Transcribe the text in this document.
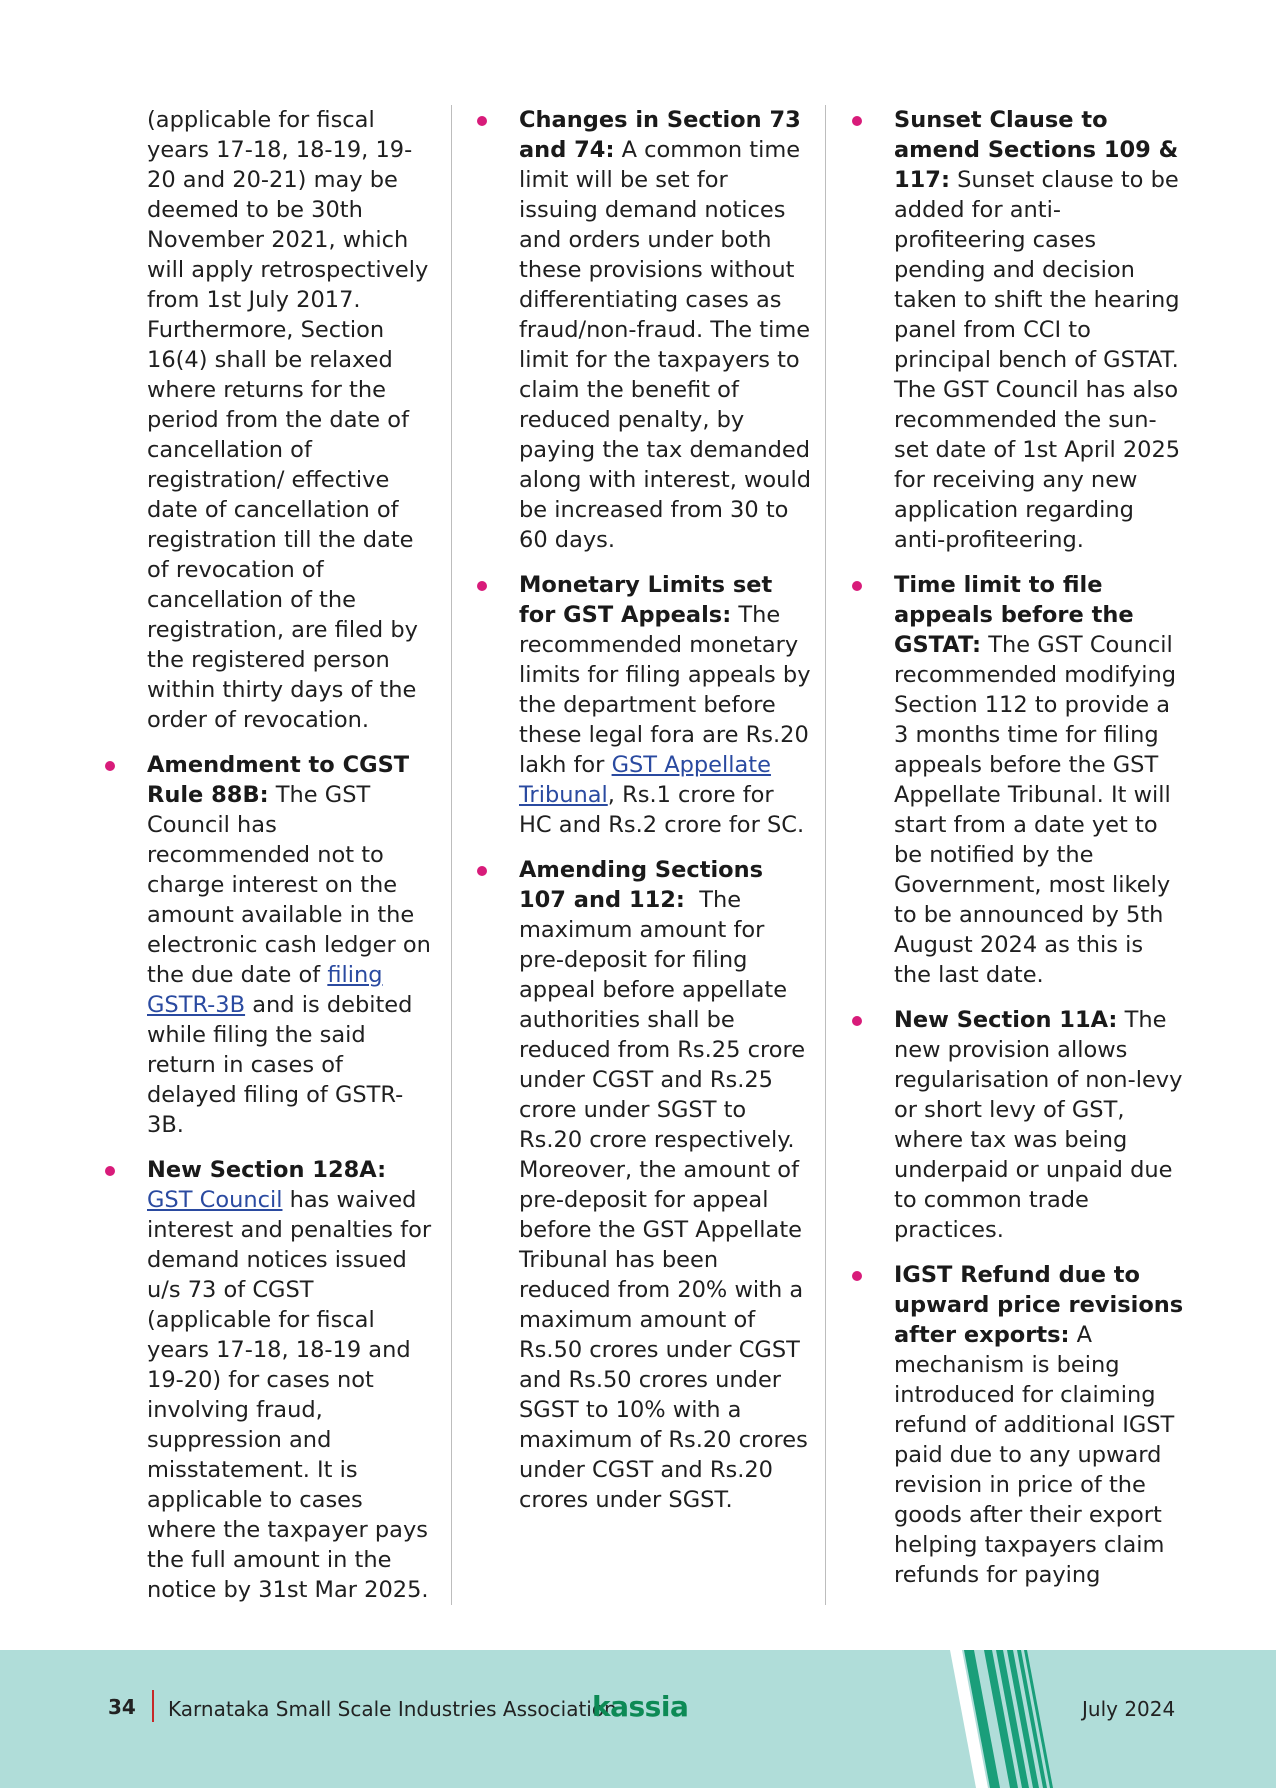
(applicable for fiscal years 17-18, 18-19, 19-20 and 20-21) may be deemed to be 30th November 2021, which will apply retrospectively from 1st July 2017. Furthermore, Section 16(4) shall be relaxed where returns for the period from the date of cancellation of registration/ effective date of cancellation of registration till the date of revocation of cancellation of the registration, are filed by the registered person within thirty days of the order of revocation.

Amendment to CGST Rule 88B: The GST Council has recommended not to charge interest on the amount available in the electronic cash ledger on the due date of filing GSTR-3B and is debited while filing the said return in cases of delayed filing of GSTR-3B.
New Section 128A: GST Council has waived interest and penalties for demand notices issued u/s 73 of CGST (applicable for fiscal years 17-18, 18-19 and 19-20) for cases not involving fraud, suppression and misstatement. It is applicable to cases where the taxpayer pays the full amount in the notice by 31st Mar 2025.
Changes in Section 73 and 74: A common time limit will be set for issuing demand notices and orders under both these provisions without differentiating cases as fraud/non-fraud. The time limit for the taxpayers to claim the benefit of reduced penalty, by paying the tax demanded along with interest, would be increased from 30 to 60 days.
Monetary Limits set for GST Appeals: The recommended monetary limits for filing appeals by the department before these legal fora are Rs.20 lakh for GST Appellate Tribunal, Rs.1 crore for HC and Rs.2 crore for SC.
Amending Sections 107 and 112:  The maximum amount for pre-deposit for filing appeal before appellate authorities shall be reduced from Rs.25 crore under CGST and Rs.25 crore under SGST to Rs.20 crore respectively. Moreover, the amount of pre-deposit for appeal before the GST Appellate Tribunal has been reduced from 20% with a maximum amount of Rs.50 crores under CGST and Rs.50 crores under SGST to 10% with a maximum of Rs.20 crores under CGST and Rs.20 crores under SGST.
Sunset Clause to amend Sections 109 & 117: Sunset clause to be added for anti-profiteering cases pending and decision taken to shift the hearing panel from CCI to principal bench of GSTAT. The GST Council has also recommended the sun-set date of 1st April 2025 for receiving any new application regarding anti-profiteering.
Time limit to file appeals before the GSTAT: The GST Council recommended modifying Section 112 to provide a 3 months time for filing appeals before the GST Appellate Tribunal. It will start from a date yet to be notified by the Government, most likely to be announced by 5th August 2024 as this is the last date.
New Section 11A: The new provision allows regularisation of non-levy or short levy of GST, where tax was being underpaid or unpaid due to common trade practices.
IGST Refund due to upward price revisions after exports: A mechanism is being introduced for claiming refund of additional IGST paid due to any upward revision in price of the goods after their export helping taxpayers claim refunds for paying
34 Karnataka Small Scale Industries Association
kassia	July 2024
